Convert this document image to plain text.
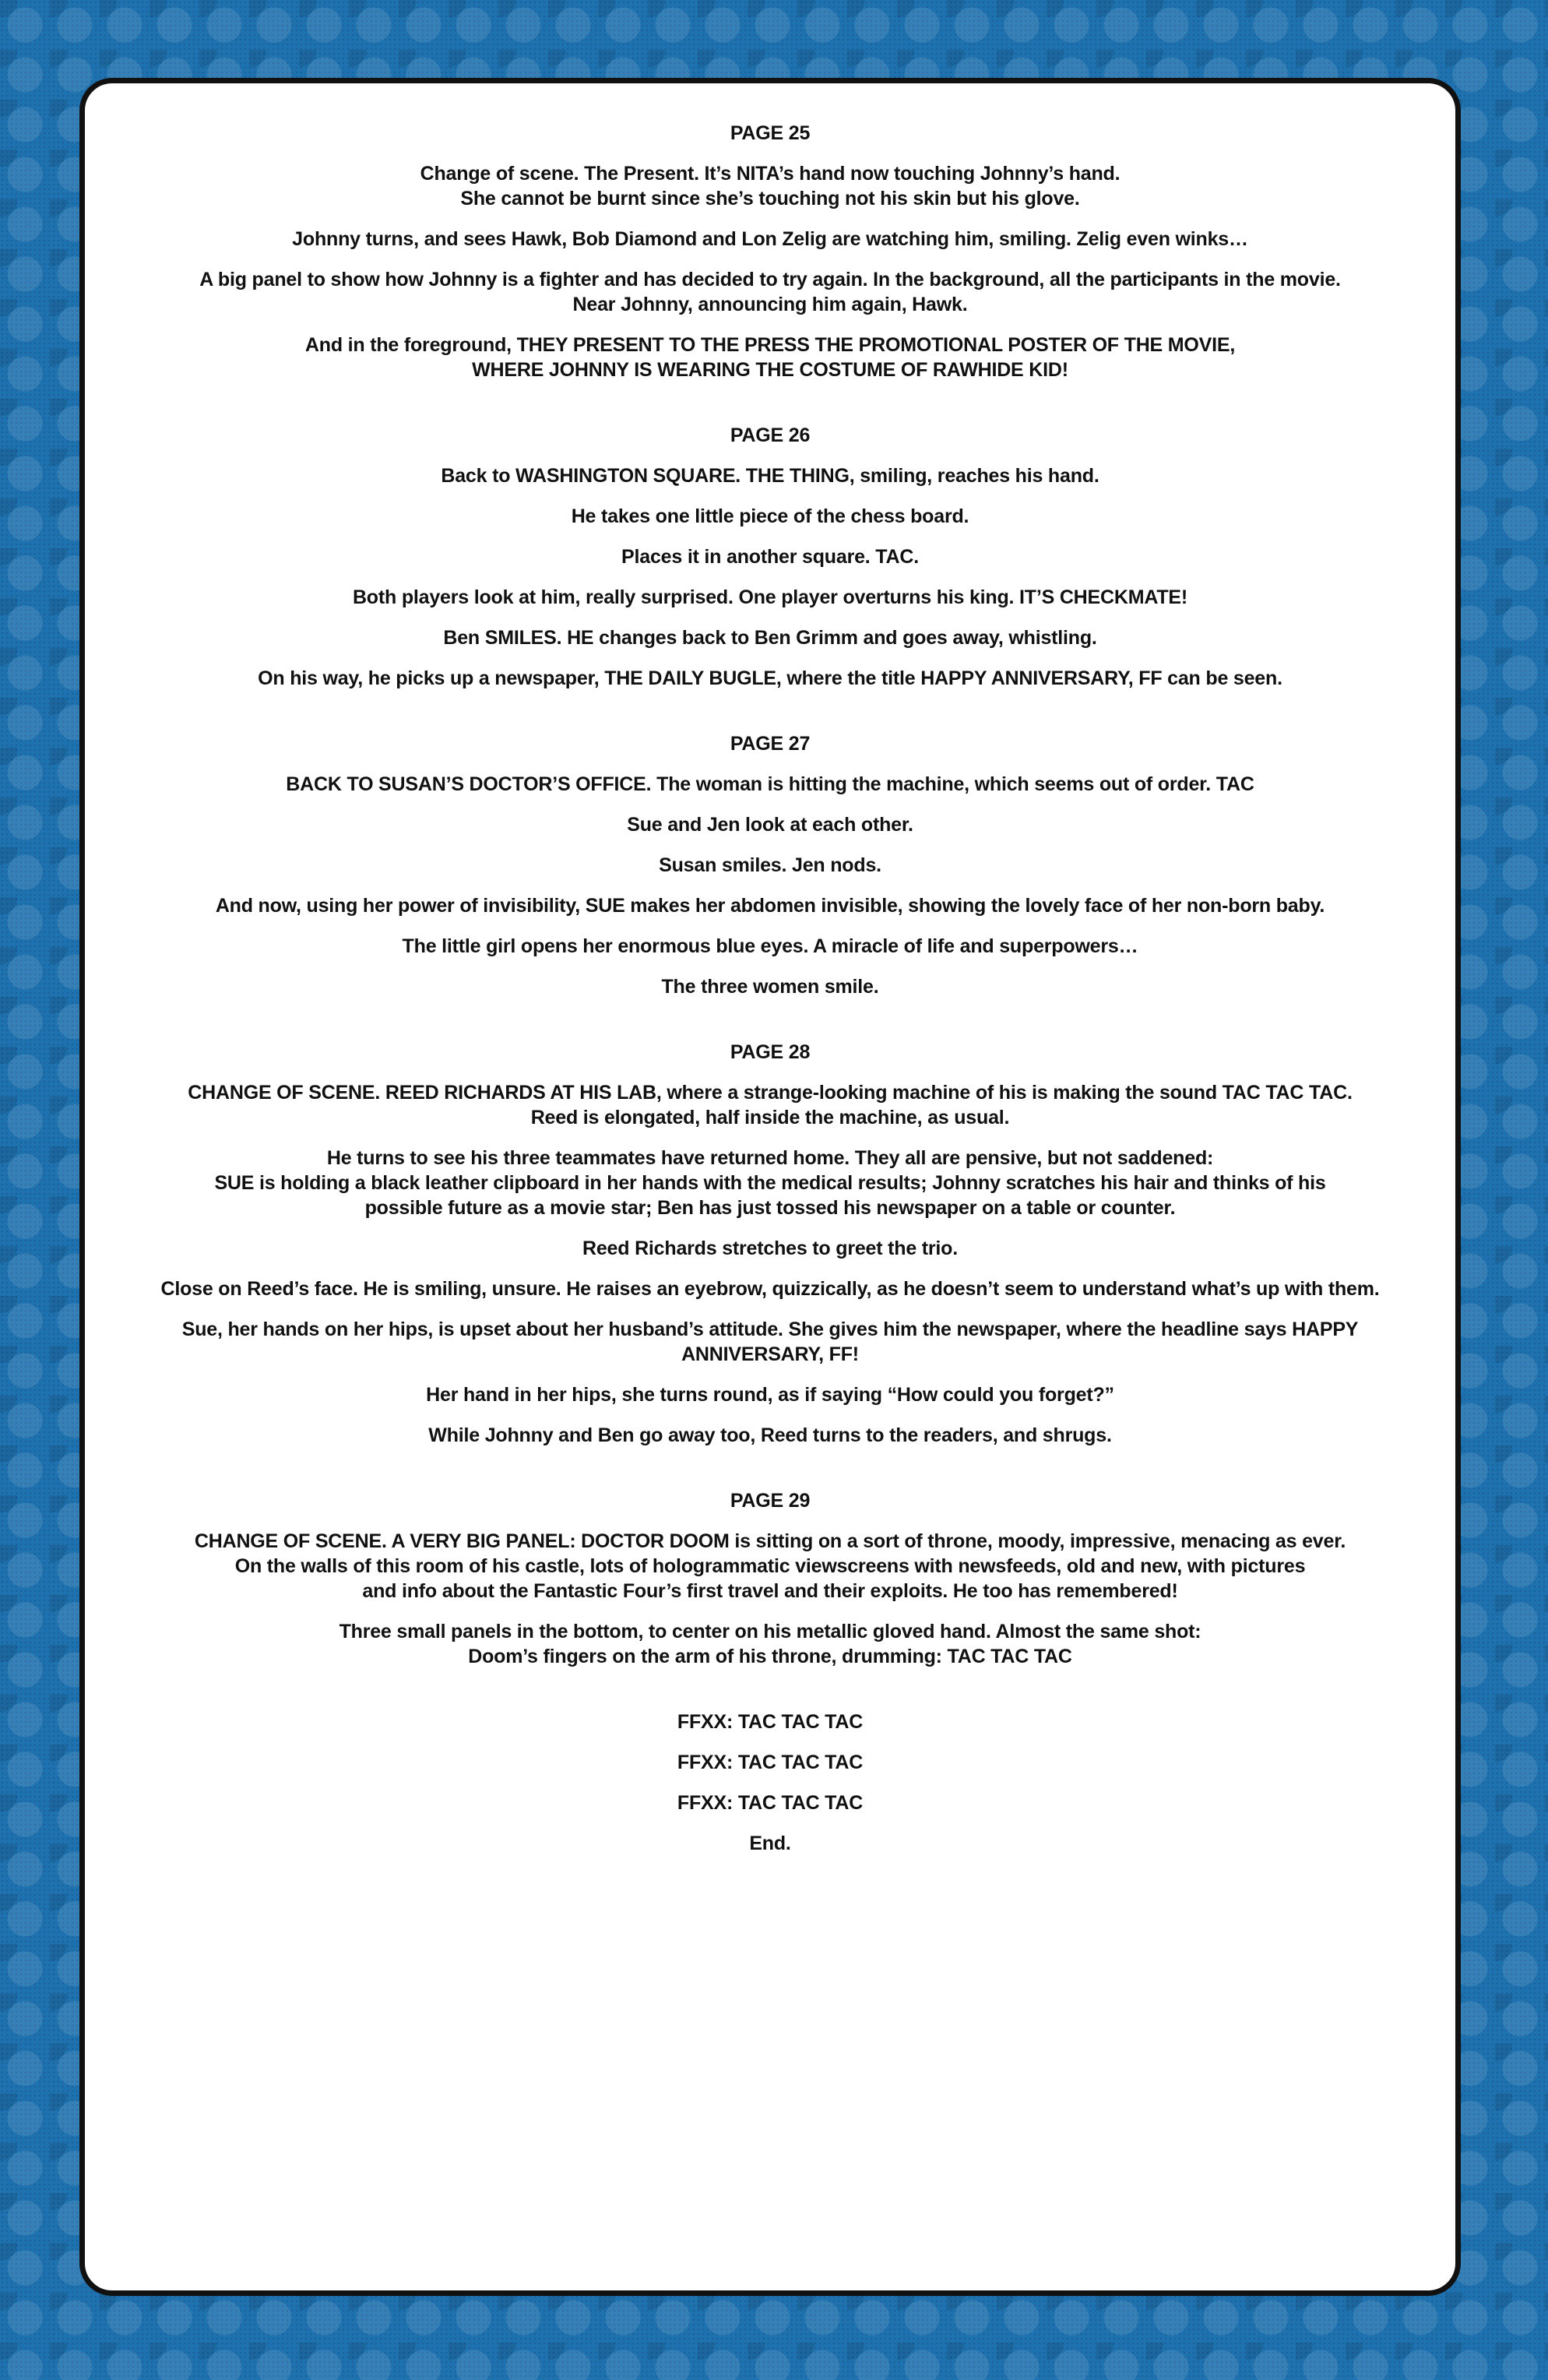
PAGE 25
Change of scene. The Present. It’s NITA’s hand now touching Johnny’s hand.
She cannot be burnt since she’s touching not his skin but his glove.
Johnny turns, and sees Hawk, Bob Diamond and Lon Zelig are watching him, smiling. Zelig even winks…
A big panel to show how Johnny is a fighter and has decided to try again. In the background, all the participants in the movie.
Near Johnny, announcing him again, Hawk.
And in the foreground, THEY PRESENT TO THE PRESS THE PROMOTIONAL POSTER OF THE MOVIE,
WHERE JOHNNY IS WEARING THE COSTUME OF RAWHIDE KID!
PAGE 26
Back to WASHINGTON SQUARE. THE THING, smiling, reaches his hand.
He takes one little piece of the chess board.
Places it in another square. TAC.
Both players look at him, really surprised. One player overturns his king. IT’S CHECKMATE!
Ben SMILES. HE changes back to Ben Grimm and goes away, whistling.
On his way, he picks up a newspaper, THE DAILY BUGLE, where the title HAPPY ANNIVERSARY, FF can be seen.
PAGE 27
BACK TO SUSAN’S DOCTOR’S OFFICE. The woman is hitting the machine, which seems out of order. TAC
Sue and Jen look at each other.
Susan smiles. Jen nods.
And now, using her power of invisibility, SUE makes her abdomen invisible, showing the lovely face of her non-born baby.
The little girl opens her enormous blue eyes. A miracle of life and superpowers…
The three women smile.
PAGE 28
CHANGE OF SCENE. REED RICHARDS AT HIS LAB, where a strange-looking machine of his is making the sound TAC TAC TAC.
Reed is elongated, half inside the machine, as usual.
He turns to see his three teammates have returned home. They all are pensive, but not saddened:
SUE is holding a black leather clipboard in her hands with the medical results; Johnny scratches his hair and thinks of his
possible future as a movie star; Ben has just tossed his newspaper on a table or counter.
Reed Richards stretches to greet the trio.
Close on Reed’s face. He is smiling, unsure. He raises an eyebrow, quizzically, as he doesn’t seem to understand what’s up with them.
Sue, her hands on her hips, is upset about her husband’s attitude. She gives him the newspaper, where the headline says HAPPY
ANNIVERSARY, FF!
Her hand in her hips, she turns round, as if saying “How could you forget?”
While Johnny and Ben go away too, Reed turns to the readers, and shrugs.
PAGE 29
CHANGE OF SCENE. A VERY BIG PANEL: DOCTOR DOOM is sitting on a sort of throne, moody, impressive, menacing as ever.
On the walls of this room of his castle, lots of hologrammatic viewscreens with newsfeeds, old and new, with pictures
and info about the Fantastic Four’s first travel and their exploits. He too has remembered!
Three small panels in the bottom, to center on his metallic gloved hand. Almost the same shot:
Doom’s fingers on the arm of his throne, drumming: TAC TAC TAC
FFXX: TAC TAC TAC
FFXX: TAC TAC TAC
FFXX: TAC TAC TAC
End.
